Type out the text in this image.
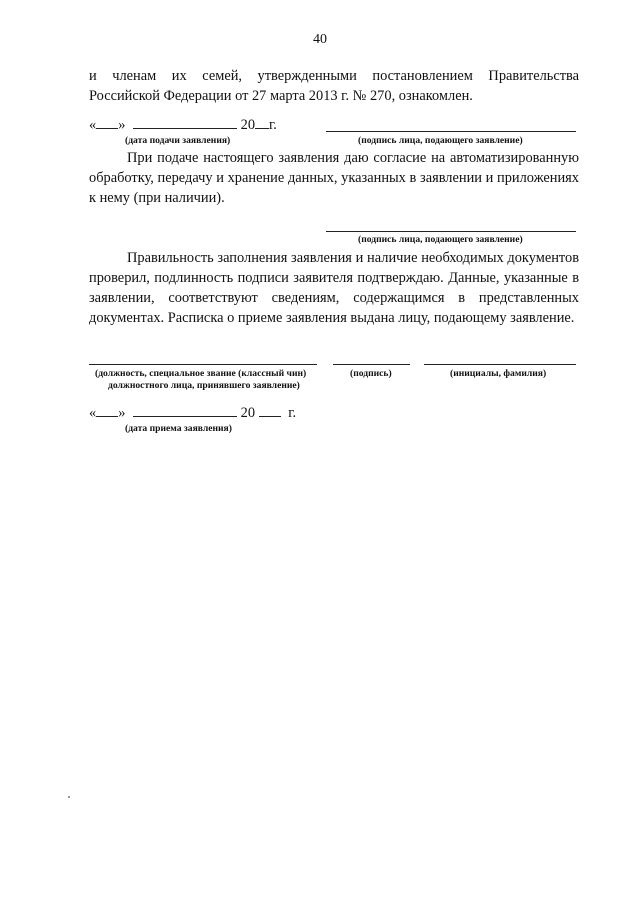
40
и членам их семей, утвержденными постановлением Правительства Российской Федерации от 27 марта 2013 г. № 270, ознакомлен.
« »	20 г.
(дата подачи заявления)	(подпись лица, подающего заявление)
При подаче настоящего заявления даю согласие на автоматизированную обработку, передачу и хранение данных, указанных в заявлении и приложениях к нему (при наличии).
(подпись лица, подающего заявление)
Правильность заполнения заявления и наличие необходимых документов проверил, подлинность подписи заявителя подтверждаю. Данные, указанные в заявлении, соответствуют сведениям, содержащимся в представленных документах. Расписка о приеме заявления выдана лицу, подающему заявление.
(должность, специальное звание (классный чин)
должностного лица, принявшего заявление)
(подпись)	(инициалы, фамилия)
« »	20 г.
(дата приема заявления)
